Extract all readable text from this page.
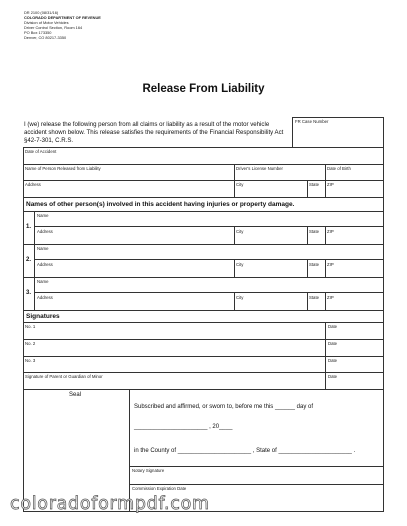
DR 2100 (08/31/16)
COLORADO DEPARTMENT OF REVENUE
Division of Motor Vehicles
Driver Control Section, Room 164
PO Box 173350
Denver, CO 80217-3350
Release From Liability
I (we) release the following person from all claims or liability as a result of the motor vehicle accident shown below. This release satisfies the requirements of the Financial Responsibility Act §42-7-301, C.R.S.
FR Case Number
Date of Accident
Name of Person Released from Liability	Driver's License Number	Date of Birth
Address	City	State ZIP
Names of other person(s) involved in this accident having injuries or property damage.
1.
Name
Address	City	State ZIP
2.
Name
Address	City	State ZIP
3.
Name
Address	City	State ZIP
Signatures
No. 1	Date
No. 2	Date
No. 3	Date
Signature of Parent or Guardian of Minor	Date
Seal
Subscribed and affirmed, or sworn to, before me this ______ day of
______________________ , 20____
in the County of ______________________ , State of ______________________ .
Notary Signature
Commission Expiration Date
coloradoformpdf.com
